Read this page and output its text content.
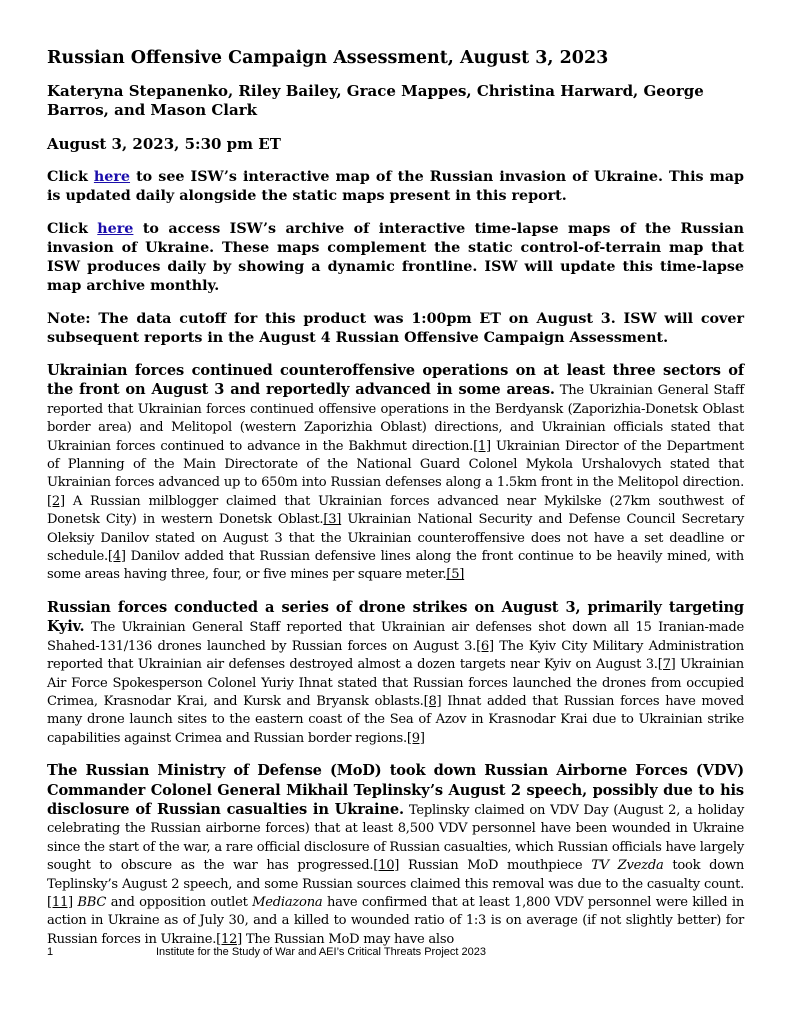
Russian Offensive Campaign Assessment, August 3, 2023
Kateryna Stepanenko, Riley Bailey, Grace Mappes, Christina Harward, George Barros, and Mason Clark
August 3, 2023, 5:30 pm ET

Click here to see ISW’s interactive map of the Russian invasion of Ukraine. This map is updated daily alongside the static maps present in this report.

Click here to access ISW’s archive of interactive time-lapse maps of the Russian invasion of Ukraine. These maps complement the static control-of-terrain map that ISW produces daily by showing a dynamic frontline. ISW will update this time-lapse map archive monthly.

Note: The data cutoff for this product was 1:00pm ET on August 3. ISW will cover subsequent reports in the August 4 Russian Offensive Campaign Assessment.

Ukrainian forces continued counteroffensive operations on at least three sectors of the front on August 3 and reportedly advanced in some areas. The Ukrainian General Staff reported that Ukrainian forces continued offensive operations in the Berdyansk (Zaporizhia-Donetsk Oblast border area) and Melitopol (western Zaporizhia Oblast) directions, and Ukrainian officials stated that Ukrainian forces continued to advance in the Bakhmut direction.[1] Ukrainian Director of the Department of Planning of the Main Directorate of the National Guard Colonel Mykola Urshalovych stated that Ukrainian forces advanced up to 650m into Russian defenses along a 1.5km front in the Melitopol direction.[2] A Russian milblogger claimed that Ukrainian forces advanced near Mykilske (27km southwest of Donetsk City) in western Donetsk Oblast.[3] Ukrainian National Security and Defense Council Secretary Oleksiy Danilov stated on August 3 that the Ukrainian counteroffensive does not have a set deadline or schedule.[4] Danilov added that Russian defensive lines along the front continue to be heavily mined, with some areas having three, four, or five mines per square meter.[5]

Russian forces conducted a series of drone strikes on August 3, primarily targeting Kyiv. The Ukrainian General Staff reported that Ukrainian air defenses shot down all 15 Iranian-made Shahed-131/136 drones launched by Russian forces on August 3.[6] The Kyiv City Military Administration reported that Ukrainian air defenses destroyed almost a dozen targets near Kyiv on August 3.[7] Ukrainian Air Force Spokesperson Colonel Yuriy Ihnat stated that Russian forces launched the drones from occupied Crimea, Krasnodar Krai, and Kursk and Bryansk oblasts.[8] Ihnat added that Russian forces have moved many drone launch sites to the eastern coast of the Sea of Azov in Krasnodar Krai due to Ukrainian strike capabilities against Crimea and Russian border regions.[9]

The Russian Ministry of Defense (MoD) took down Russian Airborne Forces (VDV) Commander Colonel General Mikhail Teplinsky’s August 2 speech, possibly due to his disclosure of Russian casualties in Ukraine. Teplinsky claimed on VDV Day (August 2, a holiday celebrating the Russian airborne forces) that at least 8,500 VDV personnel have been wounded in Ukraine since the start of the war, a rare official disclosure of Russian casualties, which Russian officials have largely sought to obscure as the war has progressed.[10] Russian MoD mouthpiece TV Zvezda took down Teplinsky’s August 2 speech, and some Russian sources claimed this removal was due to the casualty count.[11] BBC and opposition outlet Mediazona have confirmed that at least 1,800 VDV personnel were killed in action in Ukraine as of July 30, and a killed to wounded ratio of 1:3 is on average (if not slightly better) for Russian forces in Ukraine.[12] The Russian MoD may have also

1	Institute for the Study of War and AEI’s Critical Threats Project 2023
